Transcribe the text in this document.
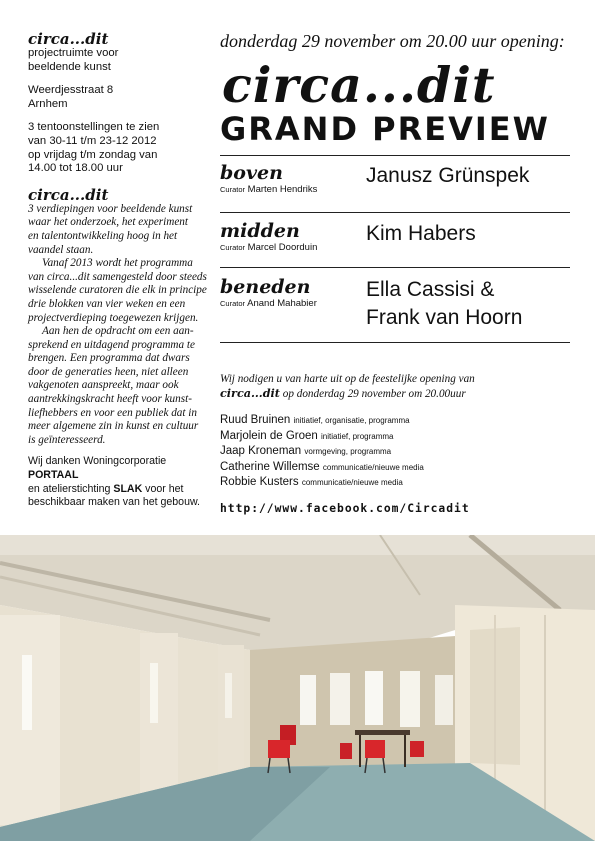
circa...dit

projectruimte voor

beeldende kunst

Weerdjesstraat 8

Arnhem

3 tentoonstellingen te zien

van 30-11 t/m 23-12 2012

op vrijdag t/m zondag van

14.00 tot 18.00 uur

circa...dit

3 verdiepingen voor beeldende kunst

waar het onderzoek, het experiment

en talentontwikkeling hoog in het

vaandel staan.

Vanaf 2013 wordt het programma

van circa...dit samengesteld door steeds

wisselende curatoren die elk in principe

drie blokken van vier weken en een

projectverdieping toegewezen krijgen.

Aan hen de opdracht om een aan-

sprekend en uitdagend programma te

brengen. Een programma dat dwars

door de generaties heen, niet alleen

vakgenoten aanspreekt, maar ook

aantrekkingskracht heeft voor kunst-

liefhebbers en voor een publiek dat in

meer algemene zin in kunst en cultuur

is geïnteresseerd.

Wij danken Woningcorporatie PORTAAL

en atelierstichting SLAK voor het

beschikbaar maken van het gebouw.

donderdag 29 november om 20.00 uur opening:

circa...dit

GRAND PREVIEW

boven
Curator Marten Hendriks
Janusz Grünspek
midden
Curator Marcel Doorduin
Kim Habers
beneden
Curator Anand Mahabier
Ella Cassisi &
Frank van Hoorn

Wij nodigen u van harte uit op de feestelijke opening van
circa...dit op donderdag 29 november om 20.00uur

Ruud Bruinen initiatief, organisatie, programma
Marjolein de Groen initiatief, programma
Jaap Kroneman vormgeving, programma
Catherine Willemse communicatie/nieuwe media
Robbie Kusters communicatie/nieuwe media
http://www.facebook.com/Circadit
